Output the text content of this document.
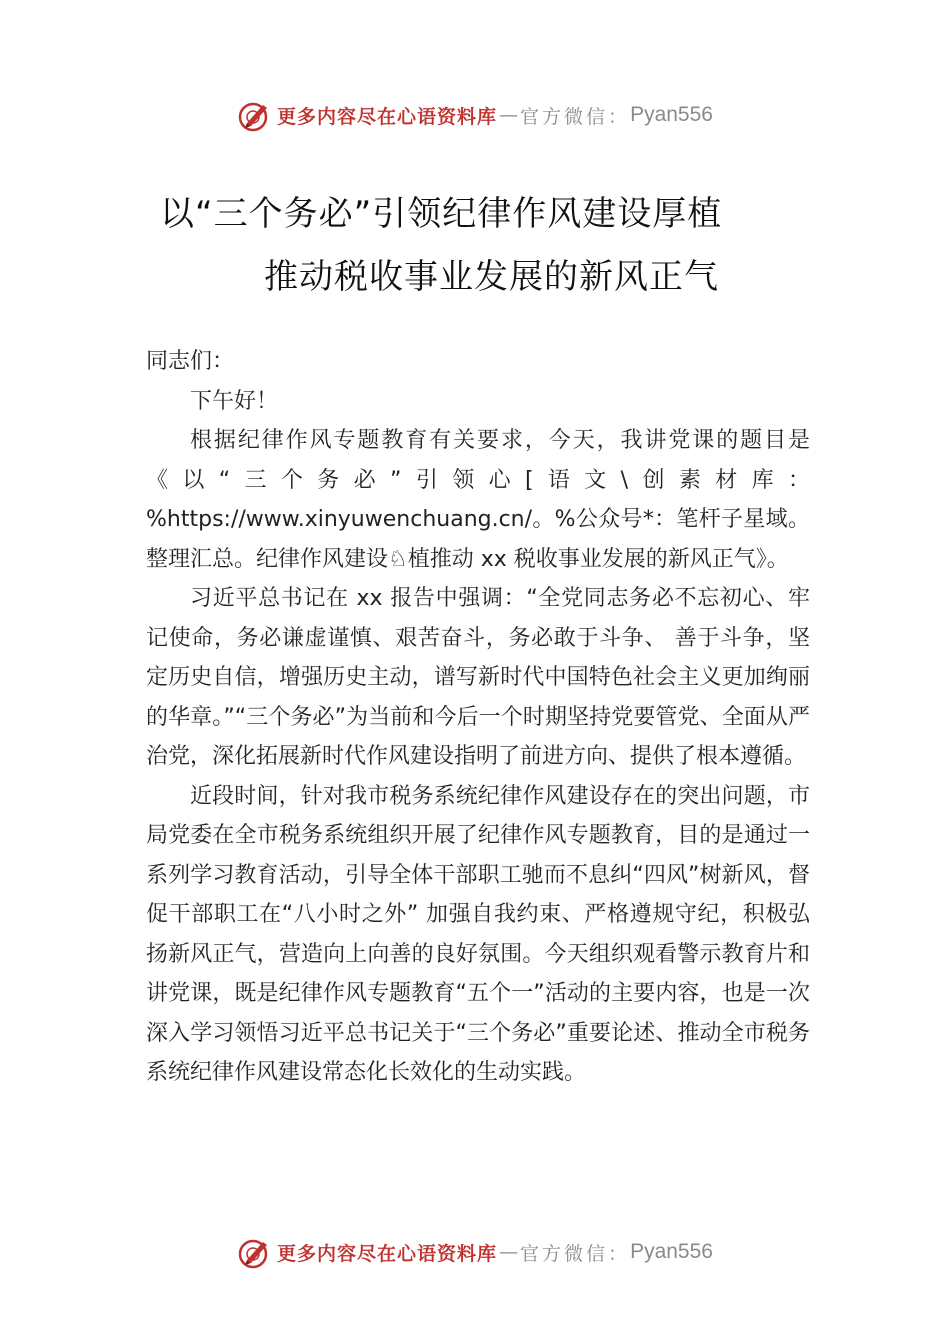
更多内容尽在心语资料库 — 官方微信： Pyan556
以“三个务必”引领纪律作风建设厚植
推动税收事业发展的新风正气

同志们：

下午好！

根据纪律作风专题教育有关要求，今天，我讲党课的题目是《以“三个务必”引领心[语文\创素材库：%https://www.xinyuwenchuang.cn/。%公众号*：笔杆子星域。整理汇总。纪律作风建设♘植推动 xx 税收事业发展的新风正气》。

习近平总书记在 xx 报告中强调：“全党同志务必不忘初心、牢记使命，务必谦虚谨慎、艰苦奋斗，务必敢于斗争、 善于斗争，坚定历史自信，增强历史主动，谱写新时代中国特色社会主义更加绚丽的华章。”“三个务必”为当前和今后一个时期坚持党要管党、全面从严治党，深化拓展新时代作风建设指明了前进方向、提供了根本遵循。

近段时间，针对我市税务系统纪律作风建设存在的突出问题，市局党委在全市税务系统组织开展了纪律作风专题教育，目的是通过一系列学习教育活动，引导全体干部职工驰而不息纠“四风”树新风，督促干部职工在“八小时之外” 加强自我约束、严格遵规守纪，积极弘扬新风正气，营造向上向善的良好氛围。今天组织观看警示教育片和讲党课，既是纪律作风专题教育“五个一”活动的主要内容，也是一次深入学习领悟习近平总书记关于“三个务必”重要论述、推动全市税务系统纪律作风建设常态化长效化的生动实践。

更多内容尽在心语资料库 — 官方微信： Pyan556
